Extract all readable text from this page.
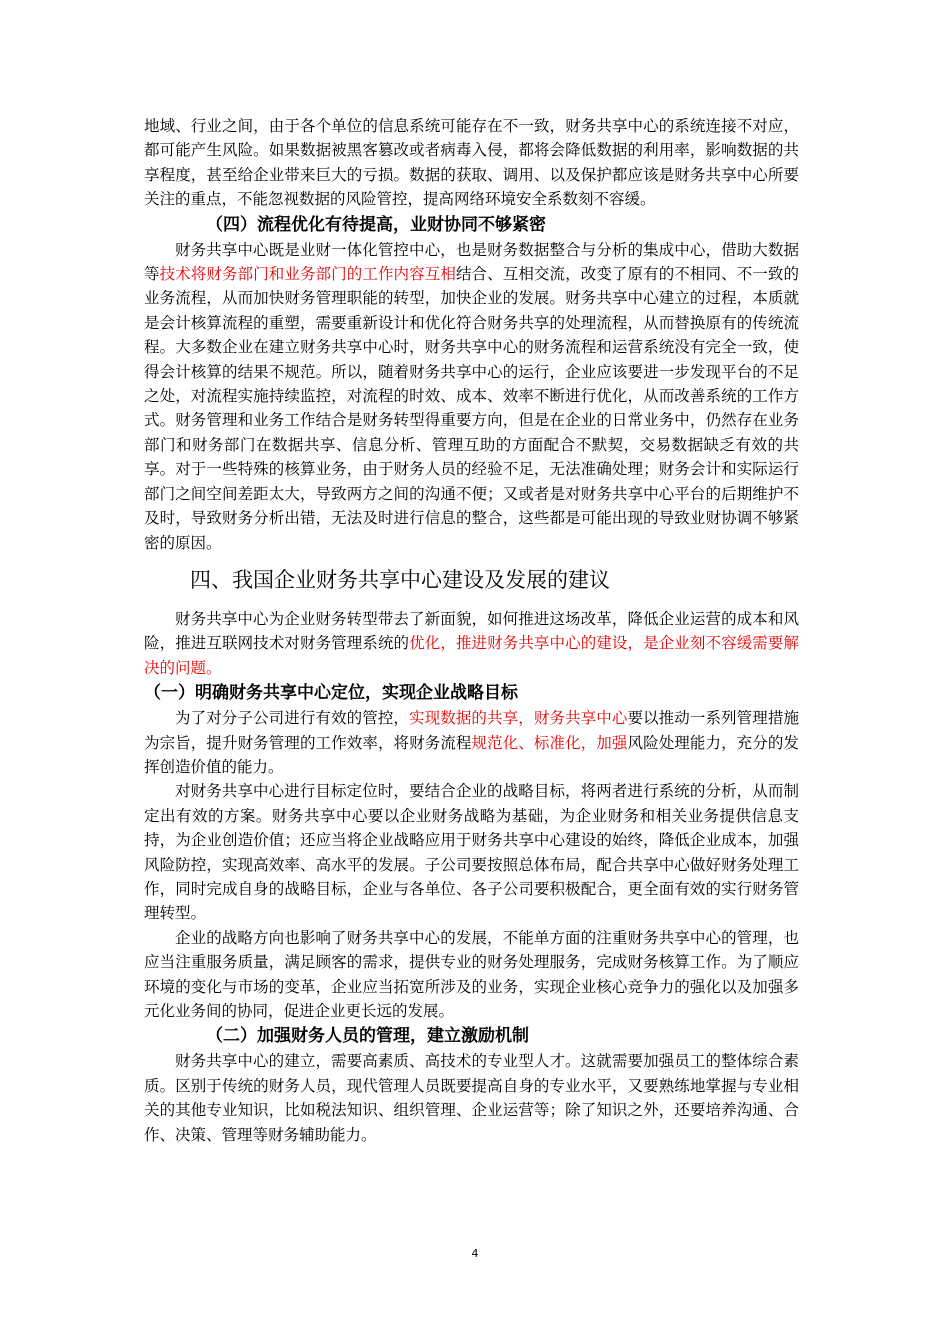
地域、行业之间，由于各个单位的信息系统可能存在不一致，财务共享中心的系统连接不对应，都可能产生风险。如果数据被黑客篡改或者病毒入侵，都将会降低数据的利用率，影响数据的共享程度，甚至给企业带来巨大的亏损。数据的获取、调用、以及保护都应该是财务共享中心所要关注的重点，不能忽视数据的风险管控，提高网络环境安全系数刻不容缓。

（四）流程优化有待提高，业财协同不够紧密

财务共享中心既是业财一体化管控中心，也是财务数据整合与分析的集成中心，借助大数据等技术将财务部门和业务部门的工作内容互相结合、互相交流，改变了原有的不相同、不一致的业务流程，从而加快财务管理职能的转型，加快企业的发展。财务共享中心建立的过程，本质就是会计核算流程的重塑，需要重新设计和优化符合财务共享的处理流程，从而替换原有的传统流程。大多数企业在建立财务共享中心时，财务共享中心的财务流程和运营系统没有完全一致，使得会计核算的结果不规范。所以，随着财务共享中心的运行，企业应该要进一步发现平台的不足之处，对流程实施持续监控，对流程的时效、成本、效率不断进行优化，从而改善系统的工作方式。财务管理和业务工作结合是财务转型得重要方向，但是在企业的日常业务中，仍然存在业务部门和财务部门在数据共享、信息分析、管理互助的方面配合不默契，交易数据缺乏有效的共享。对于一些特殊的核算业务，由于财务人员的经验不足，无法准确处理；财务会计和实际运行部门之间空间差距太大，导致两方之间的沟通不便；又或者是对财务共享中心平台的后期维护不及时，导致财务分析出错，无法及时进行信息的整合，这些都是可能出现的导致业财协调不够紧密的原因。

四、我国企业财务共享中心建设及发展的建议

财务共享中心为企业财务转型带去了新面貌，如何推进这场改革，降低企业运营的成本和风险，推进互联网技术对财务管理系统的优化，推进财务共享中心的建设，是企业刻不容缓需要解决的问题。

（一）明确财务共享中心定位，实现企业战略目标

为了对分子公司进行有效的管控，实现数据的共享，财务共享中心要以推动一系列管理措施为宗旨，提升财务管理的工作效率，将财务流程规范化、标准化，加强风险处理能力，充分的发挥创造价值的能力。

对财务共享中心进行目标定位时，要结合企业的战略目标，将两者进行系统的分析，从而制定出有效的方案。财务共享中心要以企业财务战略为基础，为企业财务和相关业务提供信息支持，为企业创造价值；还应当将企业战略应用于财务共享中心建设的始终，降低企业成本，加强风险防控，实现高效率、高水平的发展。子公司要按照总体布局，配合共享中心做好财务处理工作，同时完成自身的战略目标，企业与各单位、各子公司要积极配合，更全面有效的实行财务管理转型。

企业的战略方向也影响了财务共享中心的发展，不能单方面的注重财务共享中心的管理，也应当注重服务质量，满足顾客的需求，提供专业的财务处理服务，完成财务核算工作。为了顺应环境的变化与市场的变革，企业应当拓宽所涉及的业务，实现企业核心竞争力的强化以及加强多元化业务间的协同，促进企业更长远的发展。

（二）加强财务人员的管理，建立激励机制

财务共享中心的建立，需要高素质、高技术的专业型人才。这就需要加强员工的整体综合素质。区别于传统的财务人员，现代管理人员既要提高自身的专业水平，又要熟练地掌握与专业相关的其他专业知识，比如税法知识、组织管理、企业运营等；除了知识之外，还要培养沟通、合作、决策、管理等财务辅助能力。

4
